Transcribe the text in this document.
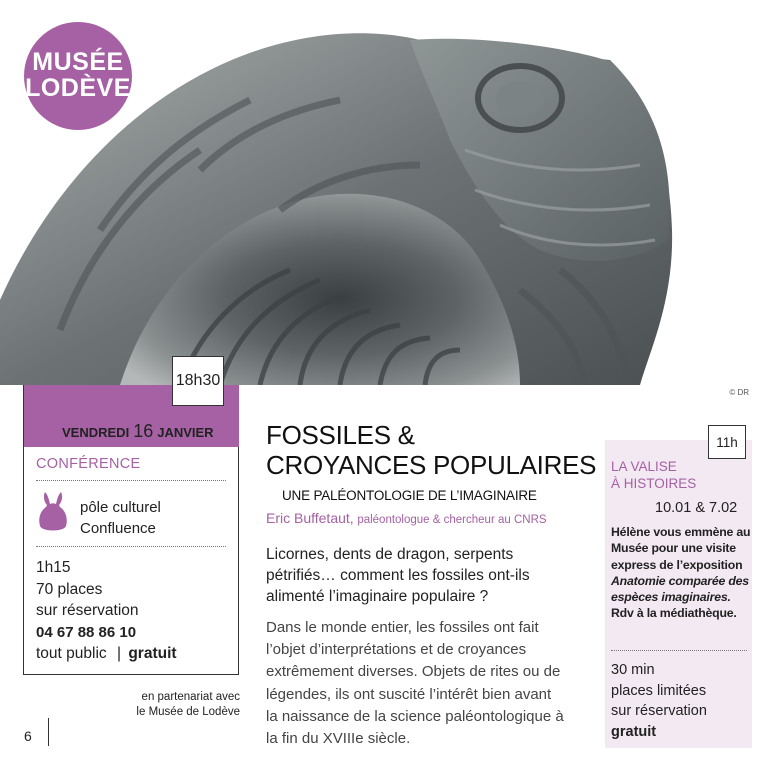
MUSÉE
LODÈVE
© DR
18h30
VENDREDI 16 JANVIER
CONFÉRENCE
pôle culturel
Confluence
1h15
70 places
sur réservation
04 67 88 86 10
tout public | gratuit
en partenariat avec
le Musée de Lodève
6
FOSSILES &
CROYANCES POPULAIRES
UNE PALÉONTOLOGIE DE L’IMAGINAIRE
Eric Buffetaut, paléontologue & chercheur au CNRS
Licornes, dents de dragon, serpents pétrifiés… comment les fossiles ont-ils alimenté l’imaginaire populaire ?
Dans le monde entier, les fossiles ont fait l’objet d’interprétations et de croyances extrêmement diverses. Objets de rites ou de légendes, ils ont suscité l’intérêt bien avant la naissance de la science paléontologique à la fin du XVIIIe siècle.
11h
LA VALISE
À HISTOIRES
10.01 & 7.02
Hélène vous emmène au Musée pour une visite express de l’exposition Anatomie comparée des espèces imaginaires.
Rdv à la médiathèque.
30 min
places limitées
sur réservation
gratuit
